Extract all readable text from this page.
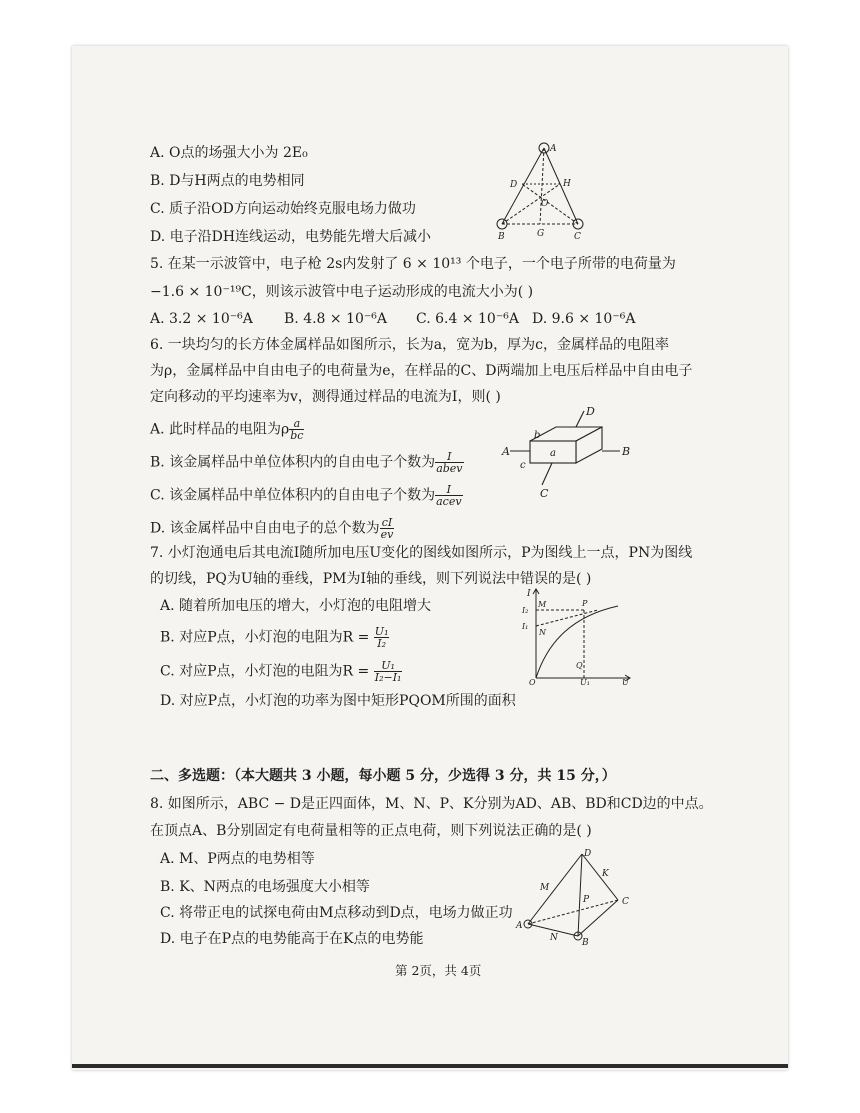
A. O点的场强大小为 2E₀
B. D与H两点的电势相同
C. 质子沿OD方向运动始终克服电场力做功
D. 电子沿DH连线运动，电势能先增大后减小
A
D	H
O
B	G	C
5. 在某一示波管中，电子枪 2s内发射了 6 × 10¹³ 个电子，一个电子所带的电荷量为
−1.6 × 10⁻¹⁹C，则该示波管中电子运动形成的电流大小为( )
A. 3.2 × 10⁻⁶A B. 4.8 × 10⁻⁶A C. 6.4 × 10⁻⁶A D. 9.6 × 10⁻⁶A
6. 一块均匀的长方体金属样品如图所示，长为a，宽为b，厚为c，金属样品的电阻率
为ρ，金属样品中自由电子的电荷量为e，在样品的C、D两端加上电压后样品中自由电子
定向移动的平均速率为v，测得通过样品的电流为I，则( )
A. 此时样品的电阻为ρ $\frac{a}{bc}$
B. 该金属样品中单位体积内的自由电子个数为 $\frac{I}{\text{abev}}$
C. 该金属样品中单位体积内的自由电子个数为 $\frac{I}{\text{acev}}$
D. 该金属样品中自由电子的总个数为 $\frac{cI}{ev}$
D
A	B
C
a
b
c
7. 小灯泡通电后其电流I随所加电压U变化的图线如图所示，P为图线上一点，PN为图线
的切线，PQ为U轴的垂线，PM为I轴的垂线，则下列说法中错误的是( )
A. 随着所加电压的增大，小灯泡的电阻增大
B. 对应P点，小灯泡的电阻为$R = \frac{\text{U₁}}{\text{I₂}}$
C. 对应P点，小灯泡的电阻为$R = \frac{\text{U₁}}{\text{I₂−I₁}}$
D. 对应P点，小灯泡的功率为图中矩形PQOM所围的面积
I
I₂
I₁
M
N
P
Q
O	U₁	U
二、多选题：（本大题共 3 小题，每小题 5 分，少选得 3 分，共 15 分，）
8. 如图所示，ABC − D是正四面体，M、N、P、K分别为AD、AB、BD和CD边的中点。
在顶点A、B分别固定有电荷量相等的正点电荷，则下列说法正确的是( )
A. M、P两点的电势相等
B. K、N两点的电场强度大小相等
C. 将带正电的试探电荷由M点移动到D点，电场力做正功
D. 电子在P点的电势能高于在K点的电势能
D
K
M
P	C
A
N	B
第 2页，共 4页
